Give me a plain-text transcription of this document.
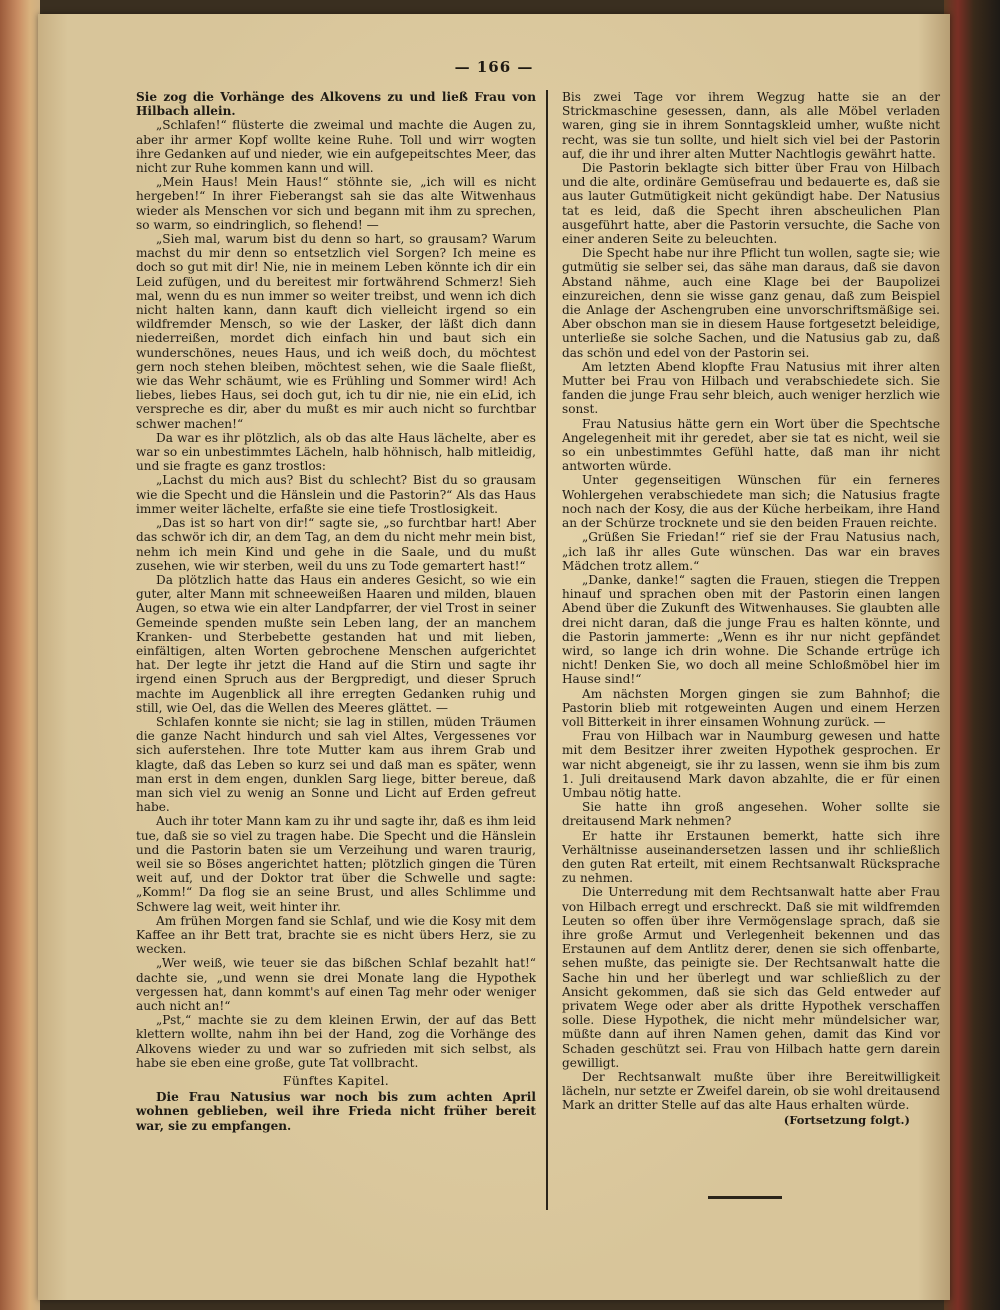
— 166 —

Sie zog die Vorhänge des Alkovens zu und ließ Frau von Hilbach allein.

„Schlafen!“ flüsterte die zweimal und machte die Augen zu, aber ihr armer Kopf wollte keine Ruhe. Toll und wirr wogten ihre Gedanken auf und nieder, wie ein aufgepeitschtes Meer, das nicht zur Ruhe kommen kann und will.

„Mein Haus! Mein Haus!“ stöhnte sie, „ich will es nicht hergeben!“ In ihrer Fieberangst sah sie das alte Witwenhaus wieder als Menschen vor sich und begann mit ihm zu sprechen, so warm, so eindringlich, so flehend! —

„Sieh mal, warum bist du denn so hart, so grausam? Warum machst du mir denn so entsetzlich viel Sorgen? Ich meine es doch so gut mit dir! Nie, nie in meinem Leben könnte ich dir ein Leid zufügen, und du bereitest mir fortwährend Schmerz! Sieh mal, wenn du es nun immer so weiter treibst, und wenn ich dich nicht halten kann, dann kauft dich vielleicht irgend so ein wildfremder Mensch, so wie der Lasker, der läßt dich dann niederreißen, mordet dich einfach hin und baut sich ein wunderschönes, neues Haus, und ich weiß doch, du möchtest gern noch stehen bleiben, möchtest sehen, wie die Saale fließt, wie das Wehr schäumt, wie es Frühling und Sommer wird! Ach liebes, liebes Haus, sei doch gut, ich tu dir nie, nie ein eLid, ich verspreche es dir, aber du mußt es mir auch nicht so furchtbar schwer machen!“

Da war es ihr plötzlich, als ob das alte Haus lächelte, aber es war so ein unbestimmtes Lächeln, halb höhnisch, halb mitleidig, und sie fragte es ganz trostlos:

„Lachst du mich aus? Bist du schlecht? Bist du so grausam wie die Specht und die Hänslein und die Pastorin?“ Als das Haus immer weiter lächelte, erfaßte sie eine tiefe Trostlosigkeit.

„Das ist so hart von dir!“ sagte sie, „so furchtbar hart! Aber das schwör ich dir, an dem Tag, an dem du nicht mehr mein bist, nehm ich mein Kind und gehe in die Saale, und du mußt zusehen, wie wir sterben, weil du uns zu Tode gemartert hast!“

Da plötzlich hatte das Haus ein anderes Gesicht, so wie ein guter, alter Mann mit schneeweißen Haaren und milden, blauen Augen, so etwa wie ein alter Landpfarrer, der viel Trost in seiner Gemeinde spenden mußte sein Leben lang, der an manchem Kranken- und Sterbebette gestanden hat und mit lieben, einfältigen, alten Worten gebrochene Menschen aufgerichtet hat. Der legte ihr jetzt die Hand auf die Stirn und sagte ihr irgend einen Spruch aus der Bergpredigt, und dieser Spruch machte im Augenblick all ihre erregten Gedanken ruhig und still, wie Oel, das die Wellen des Meeres glättet. —

Schlafen konnte sie nicht; sie lag in stillen, müden Träumen die ganze Nacht hindurch und sah viel Altes, Vergessenes vor sich auferstehen. Ihre tote Mutter kam aus ihrem Grab und klagte, daß das Leben so kurz sei und daß man es später, wenn man erst in dem engen, dunklen Sarg liege, bitter bereue, daß man sich viel zu wenig an Sonne und Licht auf Erden gefreut habe.

Auch ihr toter Mann kam zu ihr und sagte ihr, daß es ihm leid tue, daß sie so viel zu tragen habe. Die Specht und die Hänslein und die Pastorin baten sie um Verzeihung und waren traurig, weil sie so Böses angerichtet hatten; plötzlich gingen die Türen weit auf, und der Doktor trat über die Schwelle und sagte: „Komm!“ Da flog sie an seine Brust, und alles Schlimme und Schwere lag weit, weit hinter ihr.

Am frühen Morgen fand sie Schlaf, und wie die Kosy mit dem Kaffee an ihr Bett trat, brachte sie es nicht übers Herz, sie zu wecken.

„Wer weiß, wie teuer sie das bißchen Schlaf bezahlt hat!“ dachte sie, „und wenn sie drei Monate lang die Hypothek vergessen hat, dann kommt's auf einen Tag mehr oder weniger auch nicht an!“

„Pst,“ machte sie zu dem kleinen Erwin, der auf das Bett klettern wollte, nahm ihn bei der Hand, zog die Vorhänge des Alkovens wieder zu und war so zufrieden mit sich selbst, als habe sie eben eine große, gute Tat vollbracht.

Fünftes Kapitel.

Die Frau Natusius war noch bis zum achten April wohnen geblieben, weil ihre Frieda nicht früher bereit war, sie zu empfangen.

Bis zwei Tage vor ihrem Wegzug hatte sie an der Strickmaschine gesessen, dann, als alle Möbel verladen waren, ging sie in ihrem Sonntagskleid umher, wußte nicht recht, was sie tun sollte, und hielt sich viel bei der Pastorin auf, die ihr und ihrer alten Mutter Nachtlogis gewährt hatte.

Die Pastorin beklagte sich bitter über Frau von Hilbach und die alte, ordinäre Gemüsefrau und bedauerte es, daß sie aus lauter Gutmütigkeit nicht gekündigt habe. Der Natusius tat es leid, daß die Specht ihren abscheulichen Plan ausgeführt hatte, aber die Pastorin versuchte, die Sache von einer anderen Seite zu beleuchten.

Die Specht habe nur ihre Pflicht tun wollen, sagte sie; wie gutmütig sie selber sei, das sähe man daraus, daß sie davon Abstand nähme, auch eine Klage bei der Baupolizei einzureichen, denn sie wisse ganz genau, daß zum Beispiel die Anlage der Aschengruben eine unvorschriftsmäßige sei. Aber obschon man sie in diesem Hause fortgesetzt beleidige, unterließe sie solche Sachen, und die Natusius gab zu, daß das schön und edel von der Pastorin sei.

Am letzten Abend klopfte Frau Natusius mit ihrer alten Mutter bei Frau von Hilbach und verabschiedete sich. Sie fanden die junge Frau sehr bleich, auch weniger herzlich wie sonst.

Frau Natusius hätte gern ein Wort über die Spechtsche Angelegenheit mit ihr geredet, aber sie tat es nicht, weil sie so ein unbestimmtes Gefühl hatte, daß man ihr nicht antworten würde.

Unter gegenseitigen Wünschen für ein ferneres Wohlergehen verabschiedete man sich; die Natusius fragte noch nach der Kosy, die aus der Küche herbeikam, ihre Hand an der Schürze trocknete und sie den beiden Frauen reichte.

„Grüßen Sie Friedan!“ rief sie der Frau Natusius nach, „ich laß ihr alles Gute wünschen. Das war ein braves Mädchen trotz allem.“

„Danke, danke!“ sagten die Frauen, stiegen die Treppen hinauf und sprachen oben mit der Pastorin einen langen Abend über die Zukunft des Witwenhauses. Sie glaubten alle drei nicht daran, daß die junge Frau es halten könnte, und die Pastorin jammerte: „Wenn es ihr nur nicht gepfändet wird, so lange ich drin wohne. Die Schande ertrüge ich nicht! Denken Sie, wo doch all meine Schloßmöbel hier im Hause sind!“

Am nächsten Morgen gingen sie zum Bahnhof; die Pastorin blieb mit rotgeweinten Augen und einem Herzen voll Bitterkeit in ihrer einsamen Wohnung zurück. —

Frau von Hilbach war in Naumburg gewesen und hatte mit dem Besitzer ihrer zweiten Hypothek gesprochen. Er war nicht abgeneigt, sie ihr zu lassen, wenn sie ihm bis zum 1. Juli dreitausend Mark davon abzahlte, die er für einen Umbau nötig hatte.

Sie hatte ihn groß angesehen. Woher sollte sie dreitausend Mark nehmen?

Er hatte ihr Erstaunen bemerkt, hatte sich ihre Verhältnisse auseinandersetzen lassen und ihr schließlich den guten Rat erteilt, mit einem Rechtsanwalt Rücksprache zu nehmen.

Die Unterredung mit dem Rechtsanwalt hatte aber Frau von Hilbach erregt und erschreckt. Daß sie mit wildfremden Leuten so offen über ihre Vermögenslage sprach, daß sie ihre große Armut und Verlegenheit bekennen und das Erstaunen auf dem Antlitz derer, denen sie sich offenbarte, sehen mußte, das peinigte sie. Der Rechtsanwalt hatte die Sache hin und her überlegt und war schließlich zu der Ansicht gekommen, daß sie sich das Geld entweder auf privatem Wege oder aber als dritte Hypothek verschaffen solle. Diese Hypothek, die nicht mehr mündelsicher war, müßte dann auf ihren Namen gehen, damit das Kind vor Schaden geschützt sei. Frau von Hilbach hatte gern darein gewilligt.

Der Rechtsanwalt mußte über ihre Bereitwilligkeit lächeln, nur setzte er Zweifel darein, ob sie wohl dreitausend Mark an dritter Stelle auf das alte Haus erhalten würde.

(Fortsetzung folgt.)
